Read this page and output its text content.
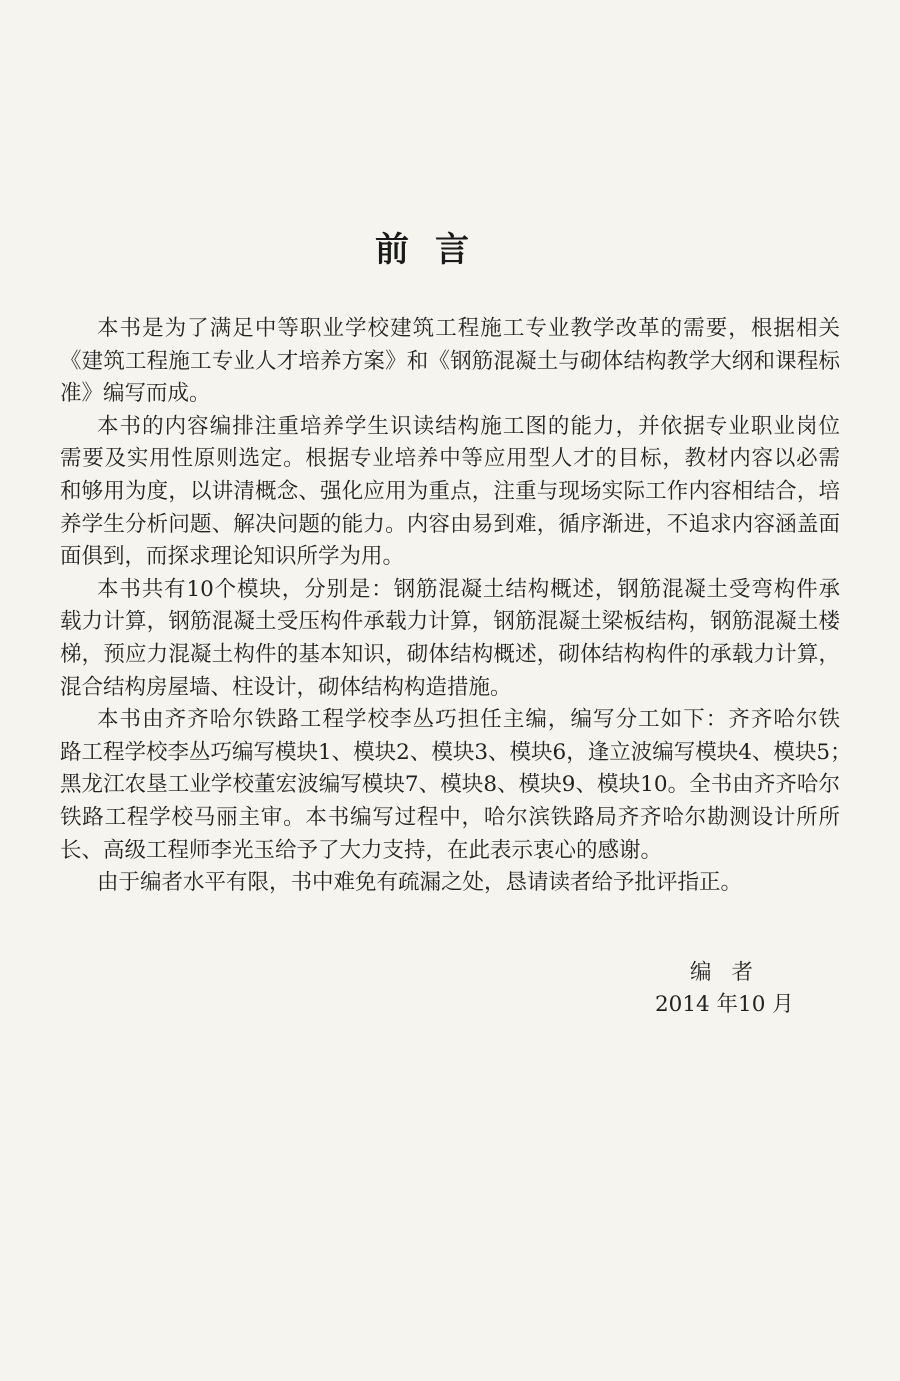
前言
本书是为了满足中等职业学校建筑工程施工专业教学改革的需要，根据相关
《建筑工程施工专业人才培养方案》和《钢筋混凝土与砌体结构教学大纲和课程标
准》编写而成。
本书的内容编排注重培养学生识读结构施工图的能力，并依据专业职业岗位
需要及实用性原则选定。根据专业培养中等应用型人才的目标，教材内容以必需
和够用为度，以讲清概念、强化应用为重点，注重与现场实际工作内容相结合，培
养学生分析问题、解决问题的能力。内容由易到难，循序渐进，不追求内容涵盖面
面俱到，而探求理论知识所学为用。
本书共有10个模块，分别是：钢筋混凝土结构概述，钢筋混凝土受弯构件承
载力计算，钢筋混凝土受压构件承载力计算，钢筋混凝土梁板结构，钢筋混凝土楼
梯，预应力混凝土构件的基本知识，砌体结构概述，砌体结构构件的承载力计算，
混合结构房屋墙、柱设计，砌体结构构造措施。
本书由齐齐哈尔铁路工程学校李丛巧担任主编，编写分工如下：齐齐哈尔铁
路工程学校李丛巧编写模块1、模块2、模块3、模块6，逢立波编写模块4、模块5；
黑龙江农垦工业学校董宏波编写模块7、模块8、模块9、模块10。全书由齐齐哈尔
铁路工程学校马丽主审。本书编写过程中，哈尔滨铁路局齐齐哈尔勘测设计所所
长、高级工程师李光玉给予了大力支持，在此表示衷心的感谢。
由于编者水平有限，书中难免有疏漏之处，恳请读者给予批评指正。
编者
2014 年10 月
